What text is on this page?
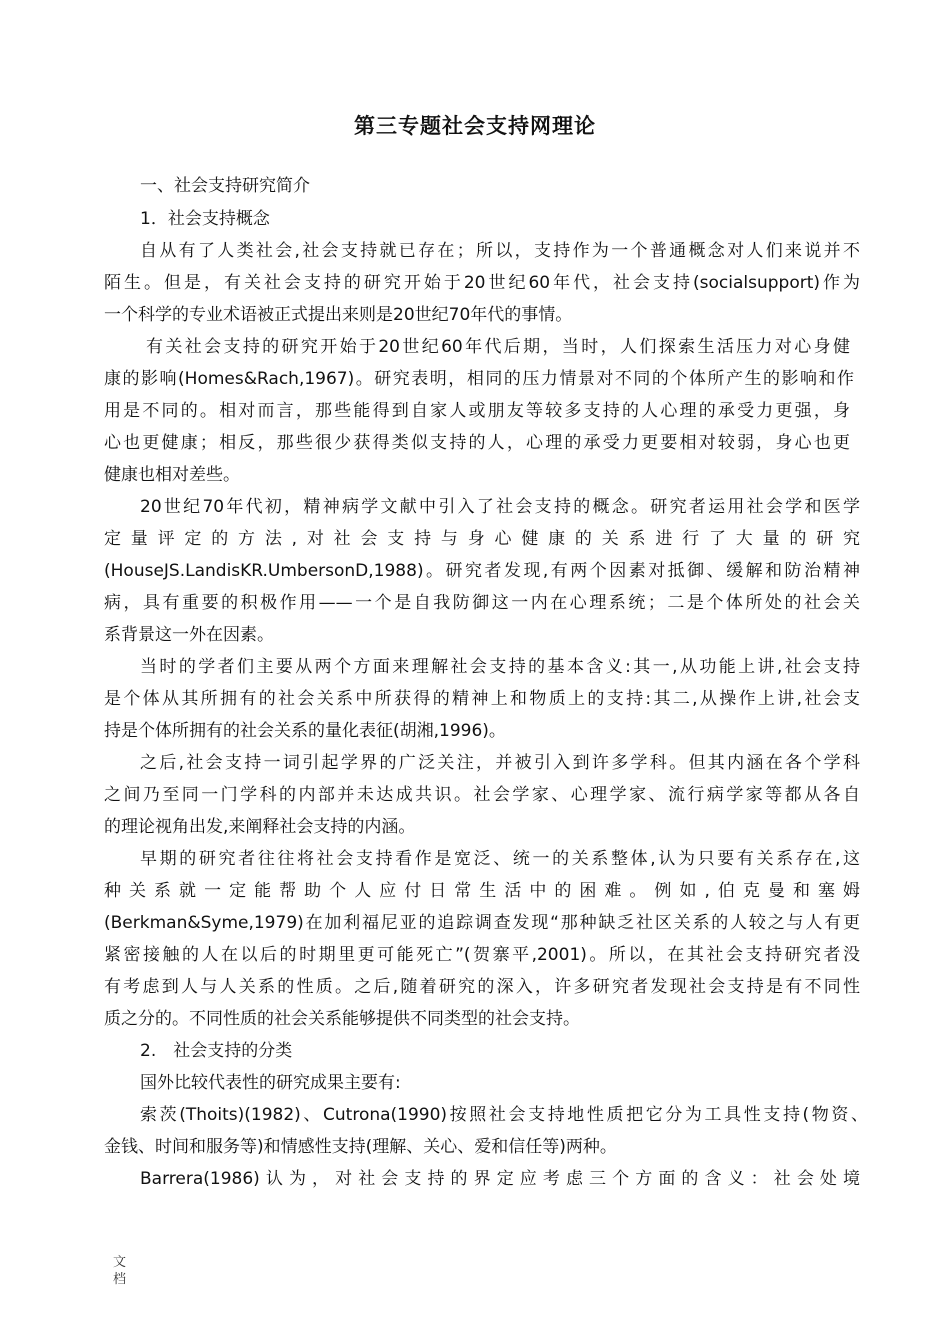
第三专题社会支持网理论
一、社会支持研究简介
1．社会支持概念
自从有了人类社会,社会支持就已存在；所以，支持作为一个普通概念对人们来说并不
陌生。但是，有关社会支持的研究开始于20世纪60年代，社会支持(socialsupport)作为
一个科学的专业术语被正式提出来则是20世纪70年代的事情。
有关社会支持的研究开始于20世纪60年代后期，当时，人们探索生活压力对心身健
康的影响(Homes&Rach,1967)。研究表明，相同的压力情景对不同的个体所产生的影响和作
用是不同的。相对而言，那些能得到自家人或朋友等较多支持的人心理的承受力更强，身
心也更健康；相反，那些很少获得类似支持的人，心理的承受力更要相对较弱，身心也更
健康也相对差些。
20世纪70年代初，精神病学文献中引入了社会支持的概念。研究者运用社会学和医学
定量评定的方法,对社会支持与身心健康的关系进行了大量的研究
(HouseJS.LandisKR.UmbersonD,1988)。研究者发现,有两个因素对抵御、缓解和防治精神
病，具有重要的积极作用——一个是自我防御这一内在心理系统；二是个体所处的社会关
系背景这一外在因素。
当时的学者们主要从两个方面来理解社会支持的基本含义:其一,从功能上讲,社会支持
是个体从其所拥有的社会关系中所获得的精神上和物质上的支持:其二,从操作上讲,社会支
持是个体所拥有的社会关系的量化表征(胡湘,1996)。
之后,社会支持一词引起学界的广泛关注，并被引入到许多学科。但其内涵在各个学科
之间乃至同一门学科的内部并未达成共识。社会学家、心理学家、流行病学家等都从各自
的理论视角出发,来阐释社会支持的内涵。
早期的研究者往往将社会支持看作是宽泛、统一的关系整体,认为只要有关系存在,这
种关系就一定能帮助个人应付日常生活中的困难。例如,伯克曼和塞姆
(Berkman&Syme,1979)在加利福尼亚的追踪调查发现“那种缺乏社区关系的人较之与人有更
紧密接触的人在以后的时期里更可能死亡”(贺寨平,2001)。所以，在其社会支持研究者没
有考虑到人与人关系的性质。之后,随着研究的深入，许多研究者发现社会支持是有不同性
质之分的。不同性质的社会关系能够提供不同类型的社会支持。
2.　社会支持的分类
国外比较代表性的研究成果主要有:
索茨(Thoits)(1982)、Cutrona(1990)按照社会支持地性质把它分为工具性支持(物资、
金钱、时间和服务等)和情感性支持(理解、关心、爱和信任等)两种。
Barrera(1986)认为，对社会支持的界定应考虑三个方面的含义：社会处境
文
档
